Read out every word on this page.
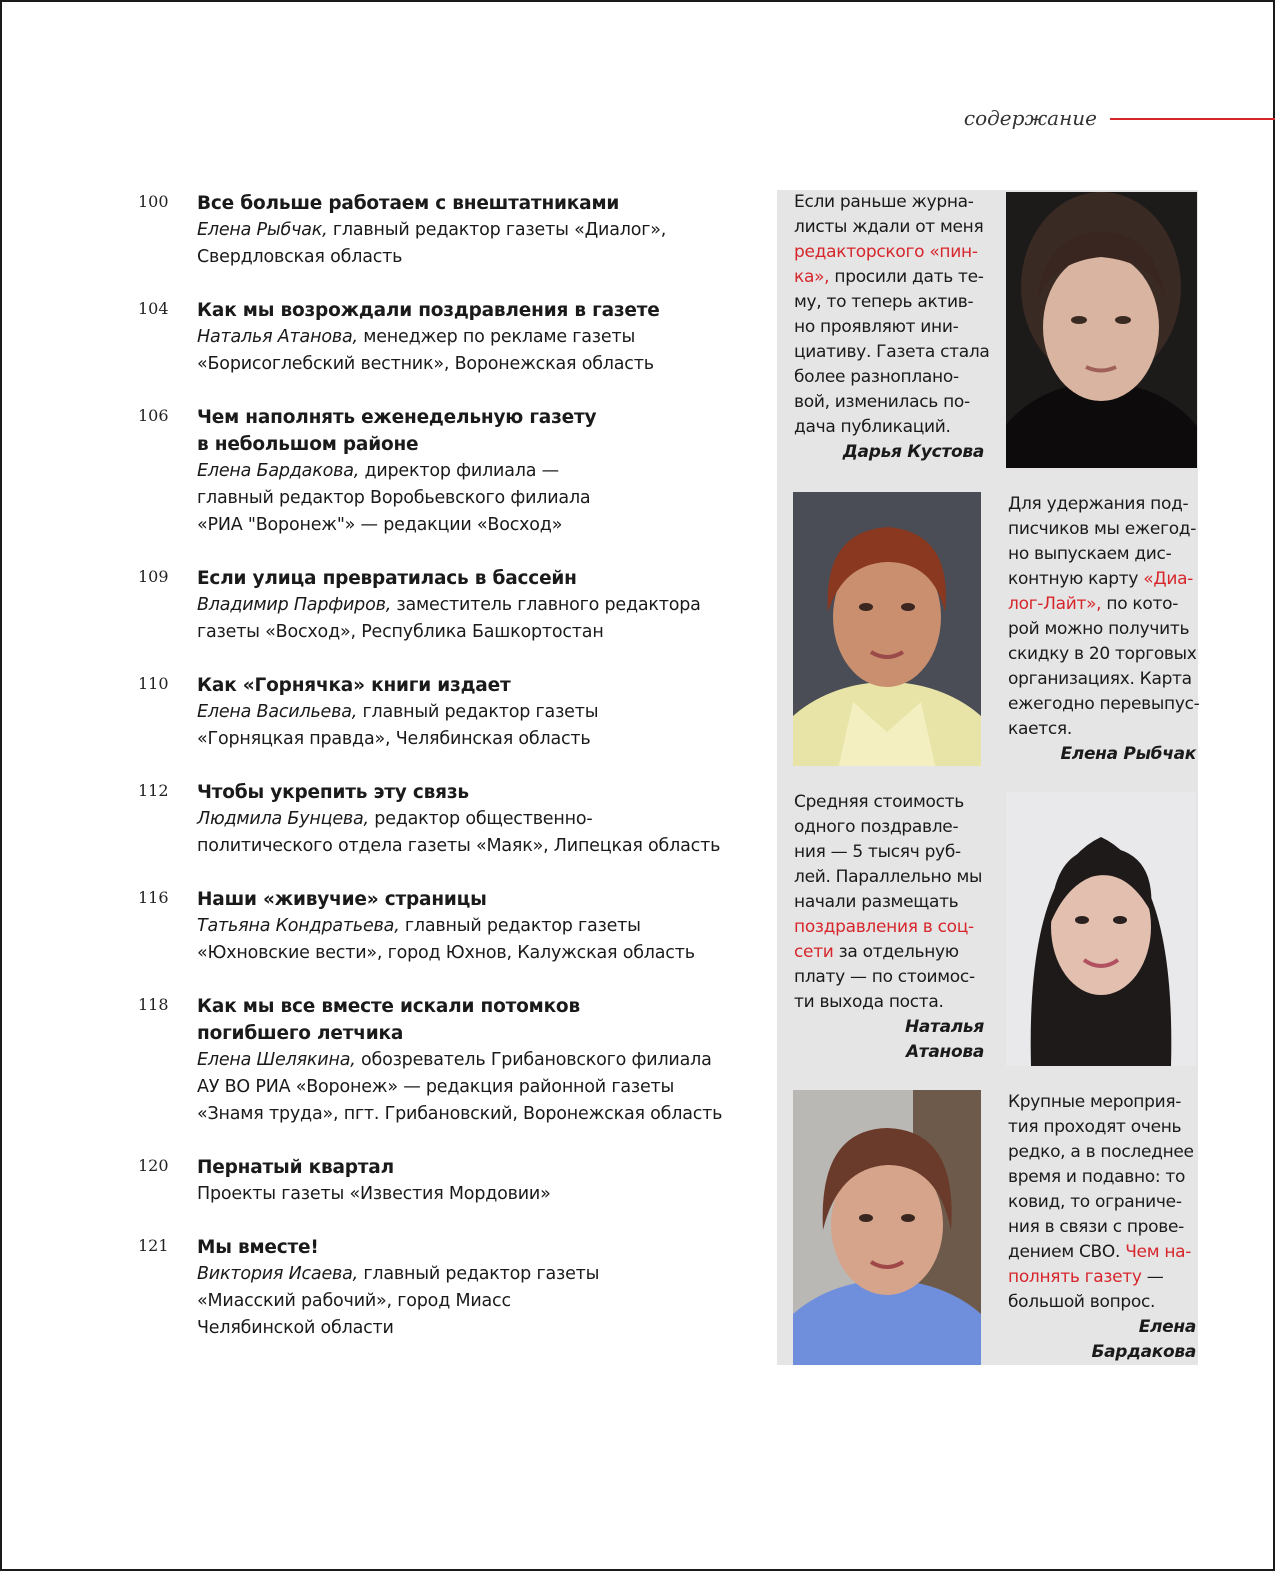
содержание
100 Все больше работаем с внештатниками
Елена Рыбчак, главный редактор газеты «Диалог»,
Свердловская область
104 Как мы возрождали поздравления в газете
Наталья Атанова, менеджер по рекламе газеты
«Борисоглебский вестник», Воронежская область
106 Чем наполнять еженедельную газету
в небольшом районе
Елена Бардакова, директор филиала —
главный редактор Воробьевского филиала
«РИА "Воронеж"» — редакции «Восход»
109 Если улица превратилась в бассейн
Владимир Парфиров, заместитель главного редактора
газеты «Восход», Республика Башкортостан
110 Как «Горнячка» книги издает
Елена Васильева, главный редактор газеты
«Горняцкая правда», Челябинская область
112 Чтобы укрепить эту связь
Людмила Бунцева, редактор общественно-
политического отдела газеты «Маяк», Липецкая область
116 Наши «живучие» страницы
Татьяна Кондратьева, главный редактор газеты
«Юхновские вести», город Юхнов, Калужская область
118 Как мы все вместе искали потомков
погибшего летчика
Елена Шелякина, обозреватель Грибановского филиала
АУ ВО РИА «Воронеж» — редакция районной газеты
«Знамя труда», пгт. Грибановский, Воронежская область
120 Пернатый квартал
Проекты газеты «Известия Мордовии»
121 Мы вместе!
Виктория Исаева, главный редактор газеты
«Миасский рабочий», город Миасс
Челябинской области
Если раньше журна-
листы ждали от меня
редакторского «пин-
ка», просили дать те-
му, то теперь актив-
но проявляют ини-
циативу. Газета стала
более разноплано-
вой, изменилась по-
дача публикаций.
Дарья Кустова
Для удержания под-
писчиков мы ежегод-
но выпускаем дис-
контную карту «Диа-
лог-Лайт», по кото-
рой можно получить
скидку в 20 торговых
организациях. Карта
ежегодно перевыпус-
кается.
Елена Рыбчак
Средняя стоимость
одного поздравле-
ния — 5 тысяч руб-
лей. Параллельно мы
начали размещать
поздравления в соц-
сети за отдельную
плату — по стоимос-
ти выхода поста.
Наталья
Атанова
Крупные мероприя-
тия проходят очень
редко, а в последнее
время и подавно: то
ковид, то ограниче-
ния в связи с прове-
дением СВО. Чем на-
полнять газету —
большой вопрос.
Елена
Бардакова
